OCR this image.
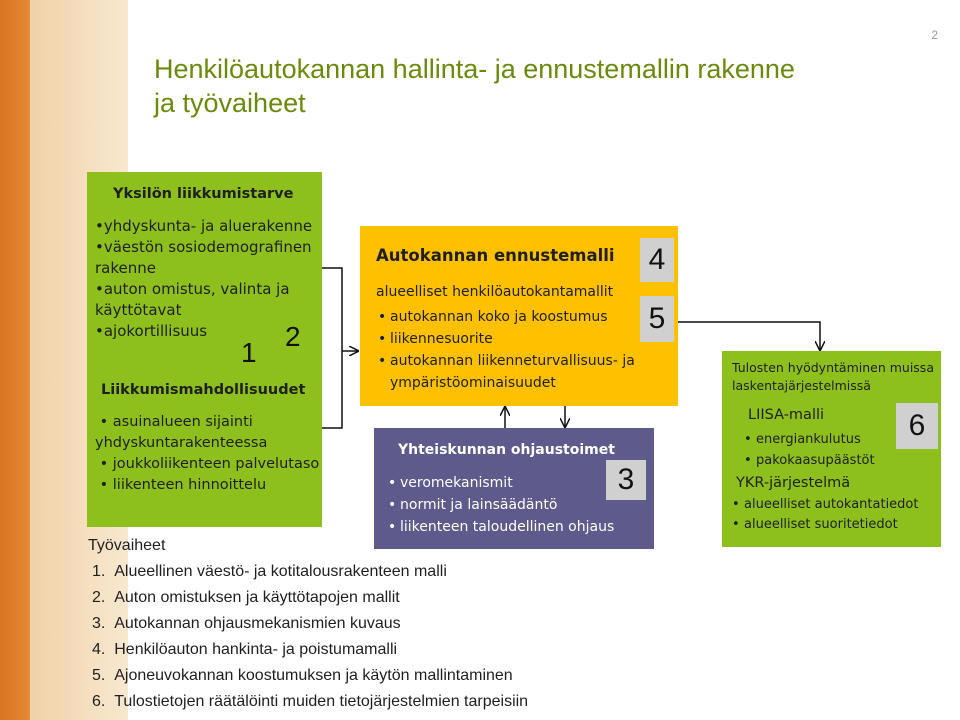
2
Henkilöautokannan hallinta- ja ennustemallin rakenne
ja työvaiheet
Yksilön liikkumistarve
•yhdyskunta- ja aluerakenne
•väestön sosiodemografinen rakenne
•auton omistus, valinta ja käyttötavat
•ajokortillisuus
1
2
Liikkumismahdollisuudet
• asuinalueen sijainti yhdyskuntarakenteessa
• joukkoliikenteen palvelutaso
• liikenteen hinnoittelu
Autokannan ennustemalli
alueelliset henkilöautokantamallit
• autokannan koko ja koostumus
• liikennesuorite
• autokannan liikenneturvallisuus- ja ympäristöominaisuudet
4
5
Yhteiskunnan ohjaustoimet
• veromekanismit
• normit ja lainsäädäntö
• liikenteen taloudellinen ohjaus
3
Tulosten hyödyntäminen muissa laskentajärjestelmissä
LIISA-malli
• energiankulutus
• pakokaasupäästöt
6
YKR-järjestelmä
• alueelliset autokantatiedot
• alueelliset suoritetiedot
Työvaiheet
1.  Alueellinen väestö- ja kotitalousrakenteen malli
2.  Auton omistuksen ja käyttötapojen mallit
3.  Autokannan ohjausmekanismien kuvaus
4.  Henkilöauton hankinta- ja poistumamalli
5.  Ajoneuvokannan koostumuksen ja käytön mallintaminen
6.  Tulostietojen räätälöinti muiden tietojärjestelmien tarpeisiin
